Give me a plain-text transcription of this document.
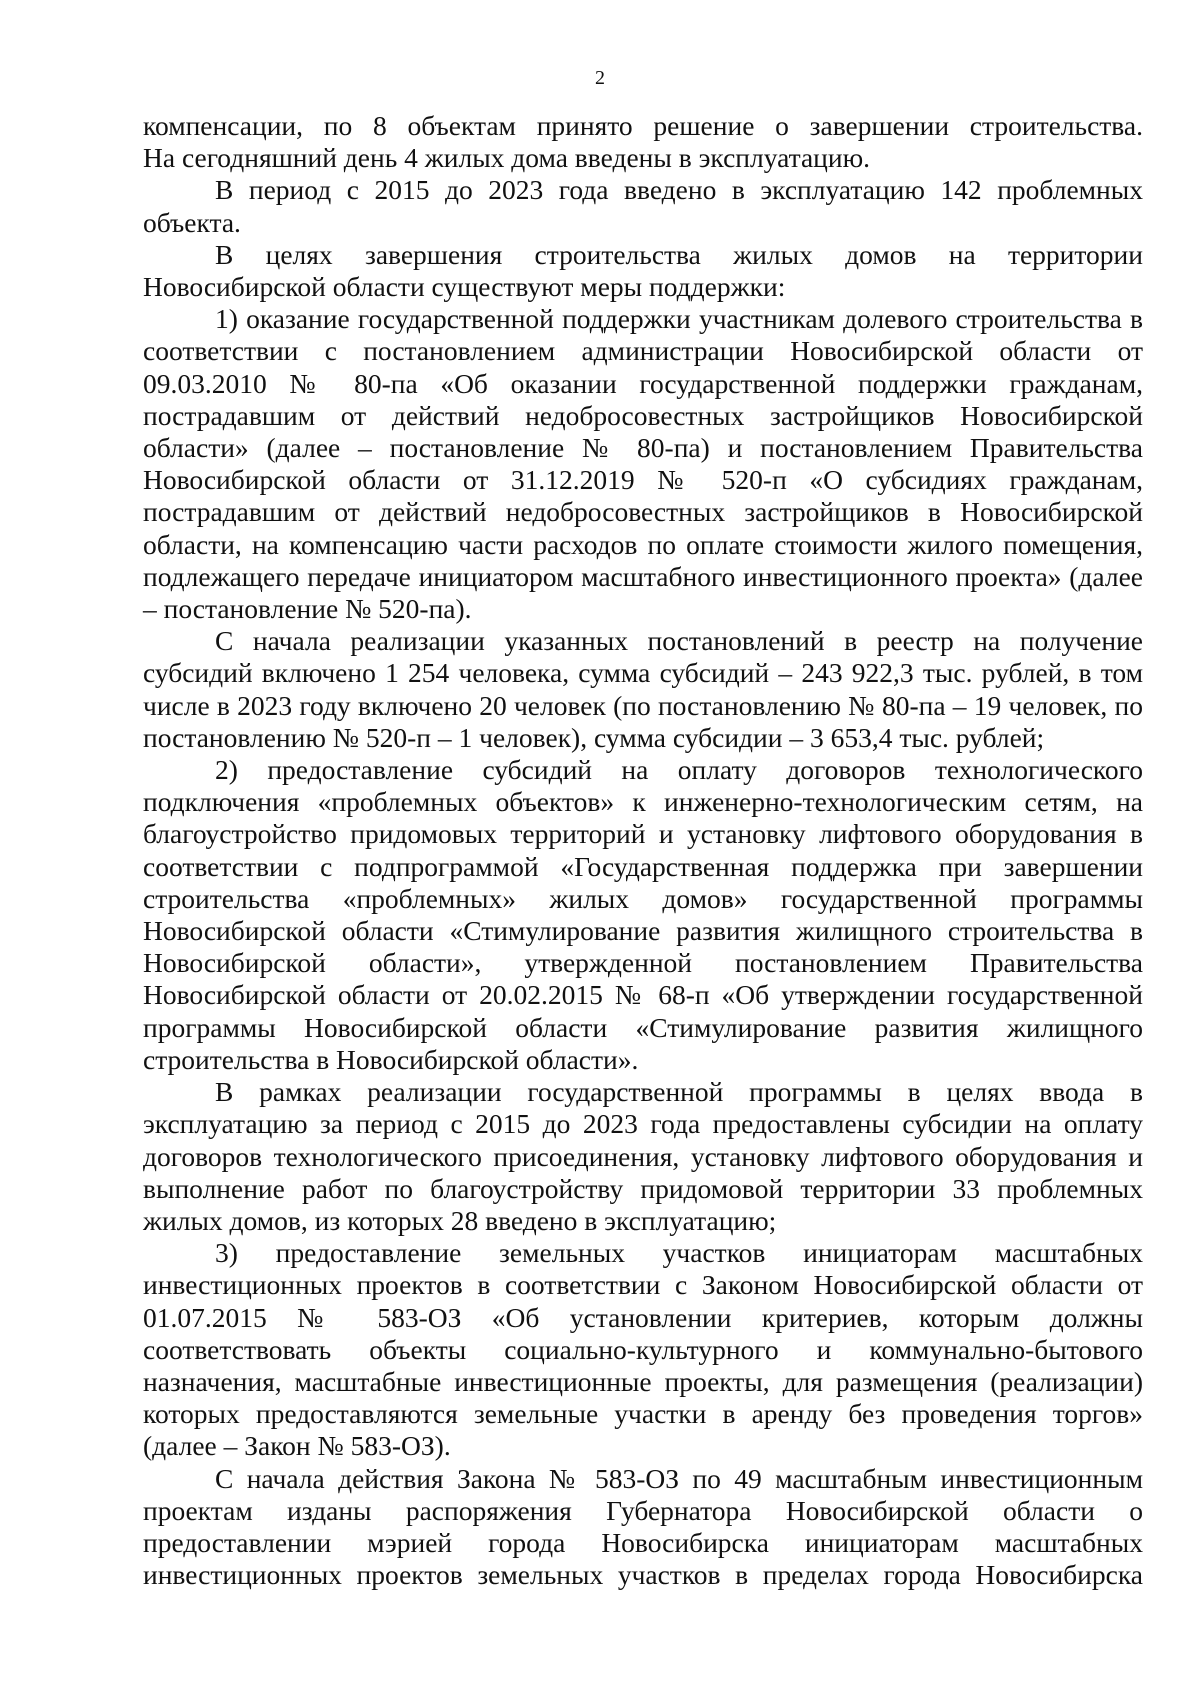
2

компенсации, по 8 объектам принято решение о завершении строительства.

На сегодняшний день 4 жилых дома введены в эксплуатацию.

В период с 2015 до 2023 года введено в эксплуатацию 142 проблемных объекта.

В целях завершения строительства жилых домов на территории Новосибирской области существуют меры поддержки:

1) оказание государственной поддержки участникам долевого строительства в соответствии с постановлением администрации Новосибирской области от 09.03.2010 № 80-па «Об оказании государственной поддержки гражданам, пострадавшим от действий недобросовестных застройщиков Новосибирской области» (далее – постановление № 80-па) и постановлением Правительства Новосибирской области от 31.12.2019 № 520-п «О субсидиях гражданам, пострадавшим от действий недобросовестных застройщиков в Новосибирской области, на компенсацию части расходов по оплате стоимости жилого помещения, подлежащего передаче инициатором масштабного инвестиционного проекта» (далее – постановление № 520-па).

С начала реализации указанных постановлений в реестр на получение субсидий включено 1 254 человека, сумма субсидий – 243 922,3 тыс. рублей, в том числе в 2023 году включено 20 человек (по постановлению № 80-па – 19 человек, по постановлению № 520-п – 1 человек), сумма субсидии – 3 653,4 тыс. рублей;

2) предоставление субсидий на оплату договоров технологического подключения «проблемных объектов» к инженерно-технологическим сетям, на благоустройство придомовых территорий и установку лифтового оборудования в соответствии с подпрограммой «Государственная поддержка при завершении строительства «проблемных» жилых домов» государственной программы Новосибирской области «Стимулирование развития жилищного строительства в Новосибирской области», утвержденной постановлением Правительства Новосибирской области от 20.02.2015 № 68-п «Об утверждении государственной программы Новосибирской области «Стимулирование развития жилищного строительства в Новосибирской области».

В рамках реализации государственной программы в целях ввода в эксплуатацию за период с 2015 до 2023 года предоставлены субсидии на оплату договоров технологического присоединения, установку лифтового оборудования и выполнение работ по благоустройству придомовой территории 33 проблемных жилых домов, из которых 28 введено в эксплуатацию;

3) предоставление земельных участков инициаторам масштабных инвестиционных проектов в соответствии с Законом Новосибирской области от 01.07.2015 № 583-ОЗ «Об установлении критериев, которым должны соответствовать объекты социально-культурного и коммунально-бытового назначения, масштабные инвестиционные проекты, для размещения (реализации) которых предоставляются земельные участки в аренду без проведения торгов» (далее – Закон № 583-ОЗ).

С начала действия Закона № 583-ОЗ по 49 масштабным инвестиционным проектам изданы распоряжения Губернатора Новосибирской области о предоставлении мэрией города Новосибирска инициаторам масштабных инвестиционных проектов земельных участков в пределах города Новосибирска
